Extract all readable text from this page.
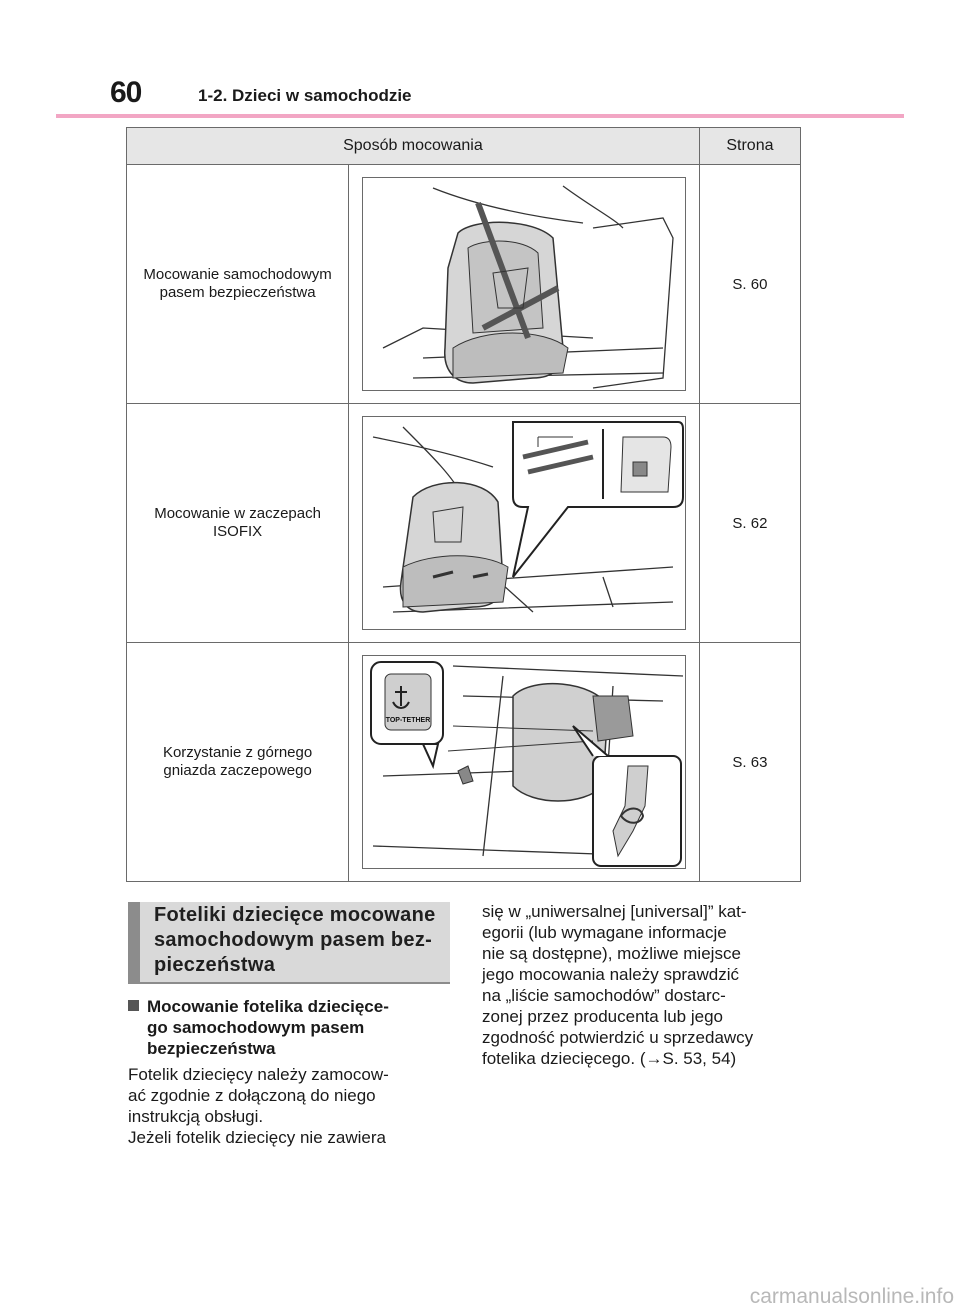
60	1-2. Dzieci w samochodzie
Sposób mocowania		Strona
Mocowanie samochodowym pasem bezpieczeństwa		S. 60
Mocowanie w zaczepach ISOFIX		S. 62
Korzystanie z górnego gniazda zaczepowego	TOP-TETHER	S. 63
Foteliki dziecięce mocowane samochodowym pasem bez-pieczeństwa
Mocowanie fotelika dziecięce-
go samochodowym pasem
bezpieczeństwa
Fotelik dziecięcy należy zamocow-
ać zgodnie z dołączoną do niego
instrukcją obsługi.
Jeżeli fotelik dziecięcy nie zawiera
się w „uniwersalnej [universal]” kat-
egorii (lub wymagane informacje
nie są dostępne), możliwe miejsce
jego mocowania należy sprawdzić
na „liście samochodów” dostarc-
zonej przez producenta lub jego
zgodność potwierdzić u sprzedawcy
fotelika dziecięcego. (→S. 53, 54)
carmanualsonline.info
